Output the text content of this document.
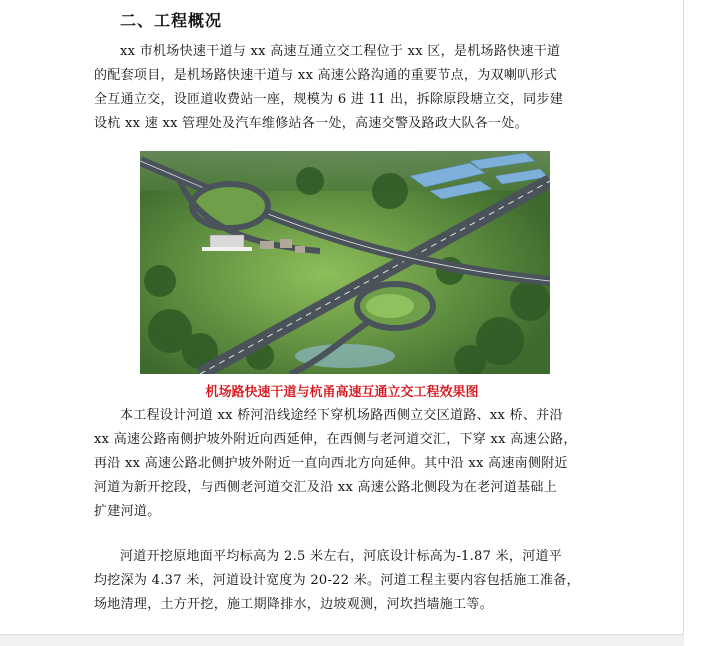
二、工程概况
xx 市机场快速干道与 xx 高速互通立交工程位于 xx 区，是机场路快速干道
的配套项目，是机场路快速干道与 xx 高速公路沟通的重要节点，为双喇叭形式
全互通立交，设匝道收费站一座，规模为 6 进 11 出，拆除原段塘立交，同步建
设杭 xx 速 xx 管理处及汽车维修站各一处，高速交警及路政大队各一处。
机场路快速干道与杭甬高速互通立交工程效果图
本工程设计河道 xx 桥河沿线途经下穿机场路西侧立交区道路、xx 桥、并沿
xx 高速公路南侧护坡外附近向西延伸，在西侧与老河道交汇，下穿 xx 高速公路，
再沿 xx 高速公路北侧护坡外附近一直向西北方向延伸。其中沿 xx 高速南侧附近
河道为新开挖段，与西侧老河道交汇及沿 xx 高速公路北侧段为在老河道基础上
扩建河道。
河道开挖原地面平均标高为 2.5 米左右，河底设计标高为-1.87 米，河道平
均挖深为 4.37 米，河道设计宽度为 20-22 米。河道工程主要内容包括施工准备，
场地清理，土方开挖，施工期降排水，边坡观测，河坎挡墙施工等。
